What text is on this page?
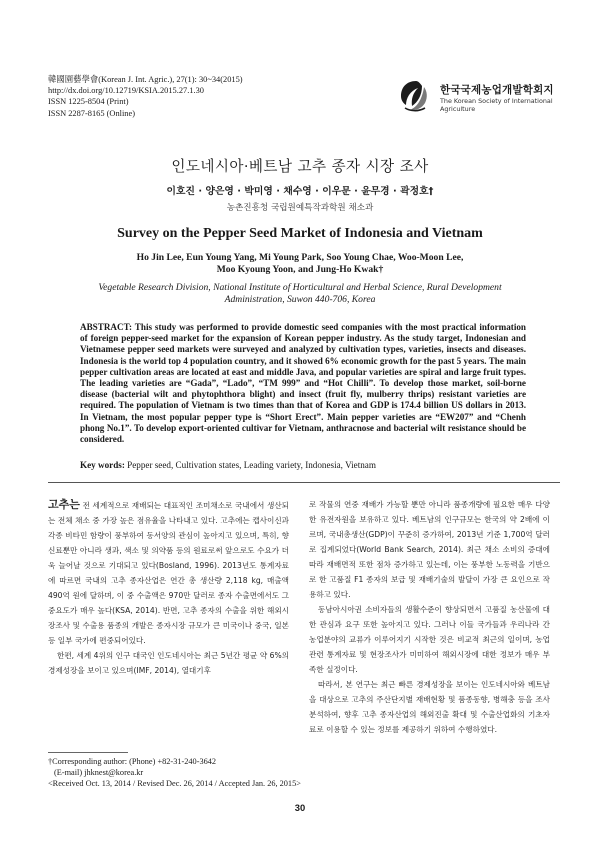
韓國園藝學會(Korean J. Int. Agric.), 27(1): 30~34(2015)
http://dx.doi.org/10.12719/KSIA.2015.27.1.30
ISSN 1225-8504 (Print)
ISSN 2287-8165 (Online)
한국국제농업개발학회지
The Korean Society of International Agriculture
인도네시아·베트남 고추 종자 시장 조사
이호진 · 양은영 · 박미영 · 채수영 · 이우문 · 윤무경 · 곽정호†
농촌진흥청 국립원예특작과학원 채소과
Survey on the Pepper Seed Market of Indonesia and Vietnam
Ho Jin Lee, Eun Young Yang, Mi Young Park, Soo Young Chae, Woo-Moon Lee,
Moo Kyoung Yoon, and Jung-Ho Kwak†
Vegetable Research Division, National Institute of Horticultural and Herbal Science, Rural Development
Administration, Suwon 440-706, Korea
ABSTRACT: This study was performed to provide domestic seed companies with the most practical information of foreign pepper-seed market for the expansion of Korean pepper industry. As the study target, Indonesian and Vietnamese pepper seed markets were surveyed and analyzed by cultivation types, varieties, insects and diseases. Indonesia is the world top 4 population country, and it showed 6% economic growth for the past 5 years. The main pepper cultivation areas are located at east and middle Java, and popular varieties are spiral and large fruit types. The leading varieties are “Gada”, “Lado”, “TM 999” and “Hot Chilli”. To develop those market, soil-borne disease (bacterial wilt and phytophthora blight) and insect (fruit fly, mulberry thrips) resistant varieties are required. The population of Vietnam is two times than that of Korea and GDP is 174.4 billion US dollars in 2013. In Vietnam, the most popular pepper type is “Short Erect”. Main pepper varieties are “EW207” and “Chenh phong No.1”. To develop export-oriented cultivar for Vietnam, anthracnose and bacterial wilt resistance should be considered.
Key words: Pepper seed, Cultivation states, Leading variety, Indonesia, Vietnam

고추는 전 세계적으로 재배되는 대표적인 조미채소로 국내에서 생산되는 전체 채소 중 가장 높은 점유율을 나타내고 있다. 고추에는 캡사이신과 각종 비타민 함량이 풍부하여 동서양의 관심이 높아지고 있으며, 특히, 향신료뿐만 아니라 생과, 색소 및 의약품 등의 원료로써 앞으로도 수요가 더욱 늘어날 것으로 기대되고 있다(Bosland, 1996). 2013년도 통계자료에 따르면 국내의 고추 종자산업은 연간 총 생산량 2,118 kg, 매출액 490억 원에 달하며, 이 중 수출액은 970만 달러로 종자 수출면에서도 그 중요도가 매우 높다(KSA, 2014). 반면, 고추 종자의 수출을 위한 해외시장조사 및 수출용 품종의 개발은 종자시장 규모가 큰 미국이나 중국, 일본 등 일부 국가에 편중되어있다.

한편, 세계 4위의 인구 대국인 인도네시아는 최근 5년간 평균 약 6%의 경제성장을 보이고 있으며(IMF, 2014), 열대기후

로 작물의 연중 재배가 가능할 뿐만 아니라 품종개량에 필요한 매우 다양한 유전자원을 보유하고 있다. 베트남의 인구규모는 한국의 약 2배에 이르며, 국내총생산(GDP)이 꾸준히 증가하여, 2013년 기준 1,700억 달러로 집계되었다(World Bank Search, 2014). 최근 채소 소비의 증대에 따라 재배면적 또한 점차 증가하고 있는데, 이는 풍부한 노동력을 기반으로 한 고품질 F1 종자의 보급 및 재배기술의 발달이 가장 큰 요인으로 작용하고 있다.

동남아시아권 소비자들의 생활수준이 향상되면서 고품질 농산물에 대한 관심과 요구 또한 높아지고 있다. 그러나 이들 국가들과 우리나라 간 농업분야의 교류가 이루어지기 시작한 것은 비교적 최근의 일이며, 농업관련 통계자료 및 현장조사가 미미하여 해외시장에 대한 정보가 매우 부족한 실정이다.

따라서, 본 연구는 최근 빠른 경제성장을 보이는 인도네시아와 베트남을 대상으로 고추의 주산단지별 재배현황 및 품종동향, 병해충 등을 조사 분석하여, 향후 고추 종자산업의 해외진출 확대 및 수출산업화의 기초자료로 이용할 수 있는 정보를 제공하기 위하여 수행하였다.

†Corresponding author: (Phone) +82-31-240-3642
(E-mail) jhknest@korea.kr
<Received Oct. 13, 2014 / Revised Dec. 26, 2014 / Accepted Jan. 26, 2015>
30
